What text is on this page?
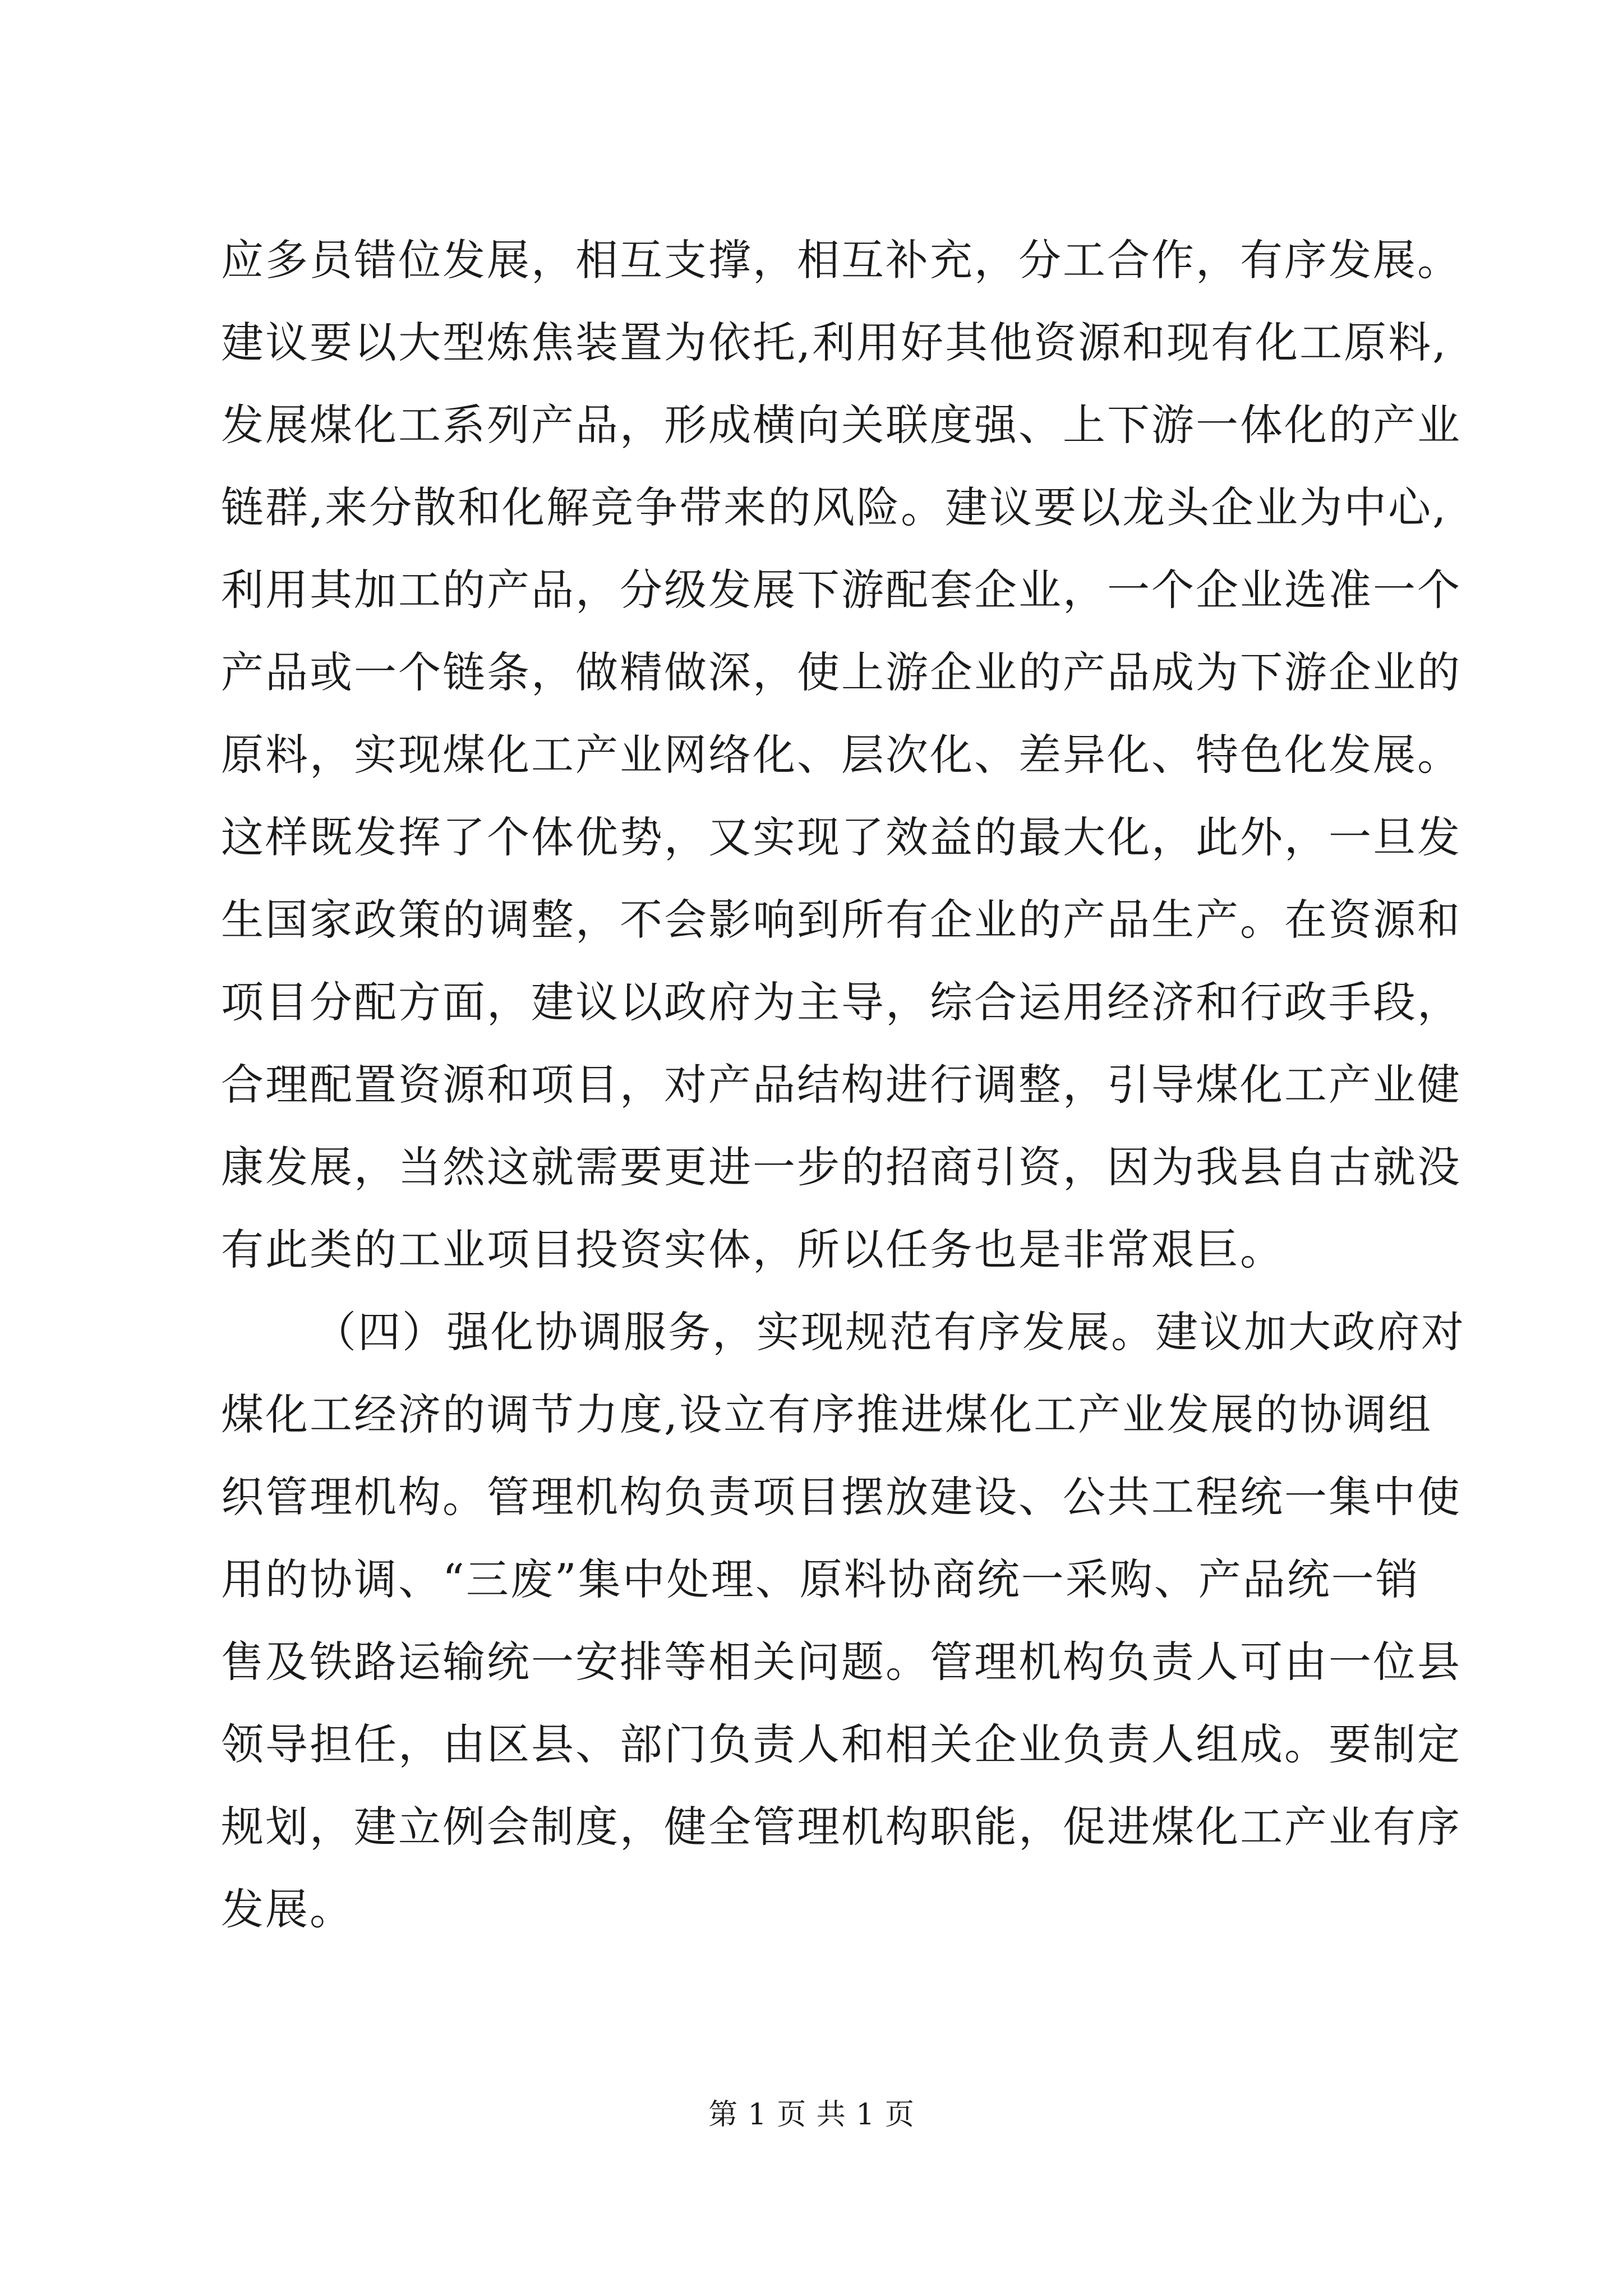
应多员错位发展，相互支撑，相互补充，分工合作，有序发展。
建议要以大型炼焦装置为依托,利用好其他资源和现有化工原料,
发展煤化工系列产品，形成横向关联度强、上下游一体化的产业
链群,来分散和化解竞争带来的风险。建议要以龙头企业为中心,
利用其加工的产品，分级发展下游配套企业，一个企业选准一个
产品或一个链条，做精做深，使上游企业的产品成为下游企业的
原料，实现煤化工产业网络化、层次化、差异化、特色化发展。
这样既发挥了个体优势，又实现了效益的最大化，此外，一旦发
生国家政策的调整，不会影响到所有企业的产品生产。在资源和
项目分配方面，建议以政府为主导，综合运用经济和行政手段，
合理配置资源和项目，对产品结构进行调整，引导煤化工产业健
康发展，当然这就需要更进一步的招商引资，因为我县自古就没
有此类的工业项目投资实体，所以任务也是非常艰巨。
（四）强化协调服务，实现规范有序发展。建议加大政府对
煤化工经济的调节力度,设立有序推进煤化工产业发展的协调组
织管理机构。管理机构负责项目摆放建设、公共工程统一集中使
用的协调、“三废”集中处理、原料协商统一采购、产品统一销
售及铁路运输统一安排等相关问题。管理机构负责人可由一位县
领导担任，由区县、部门负责人和相关企业负责人组成。要制定
规划，建立例会制度，健全管理机构职能，促进煤化工产业有序
发展。
第 1 页 共 1 页
